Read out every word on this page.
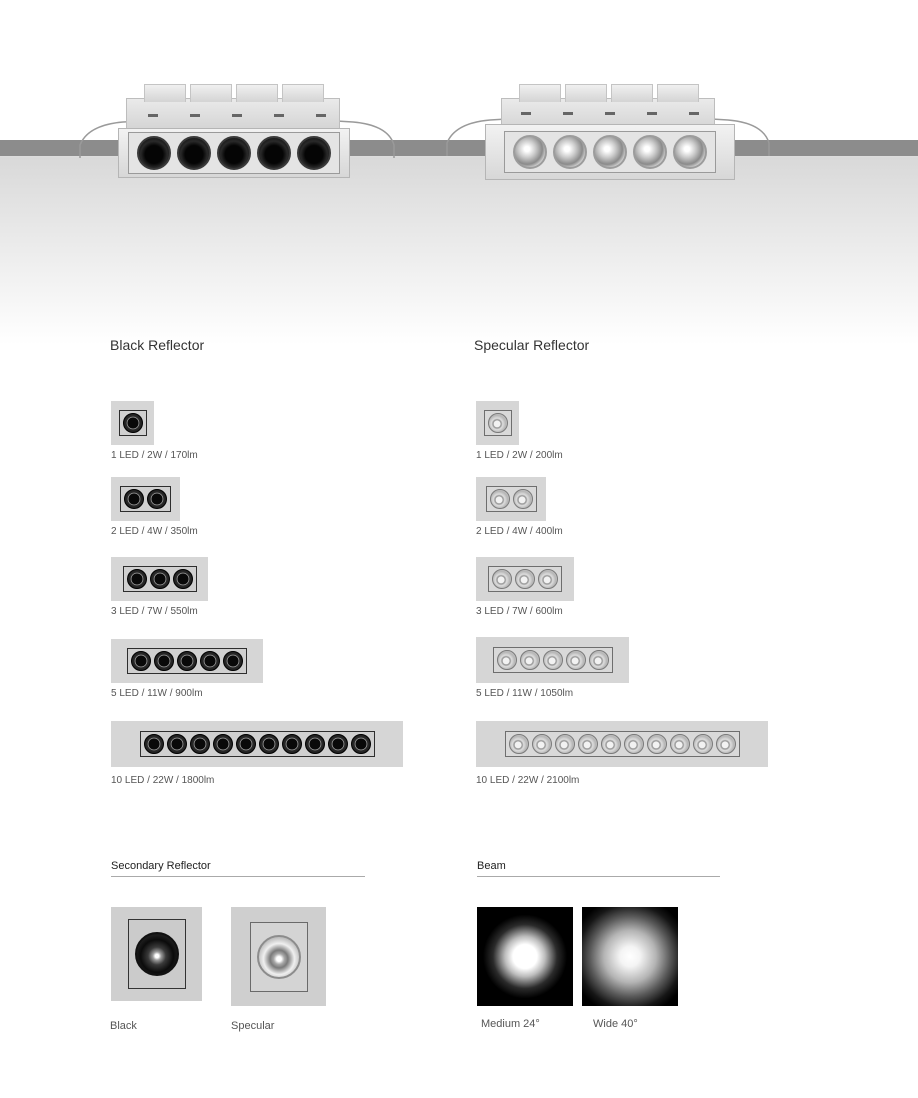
Black Reflector	Specular Reflector
1 LED / 2W / 170lm
2 LED / 4W / 350lm
3 LED / 7W / 550lm
5 LED / 11W / 900lm
10 LED / 22W / 1800lm
1 LED / 2W / 200lm
2 LED / 4W / 400lm
3 LED / 7W / 600lm
5 LED / 11W / 1050lm
10 LED / 22W / 2100lm
Secondary Reflector
Black	Specular
Beam
Medium 24°	Wide 40°
